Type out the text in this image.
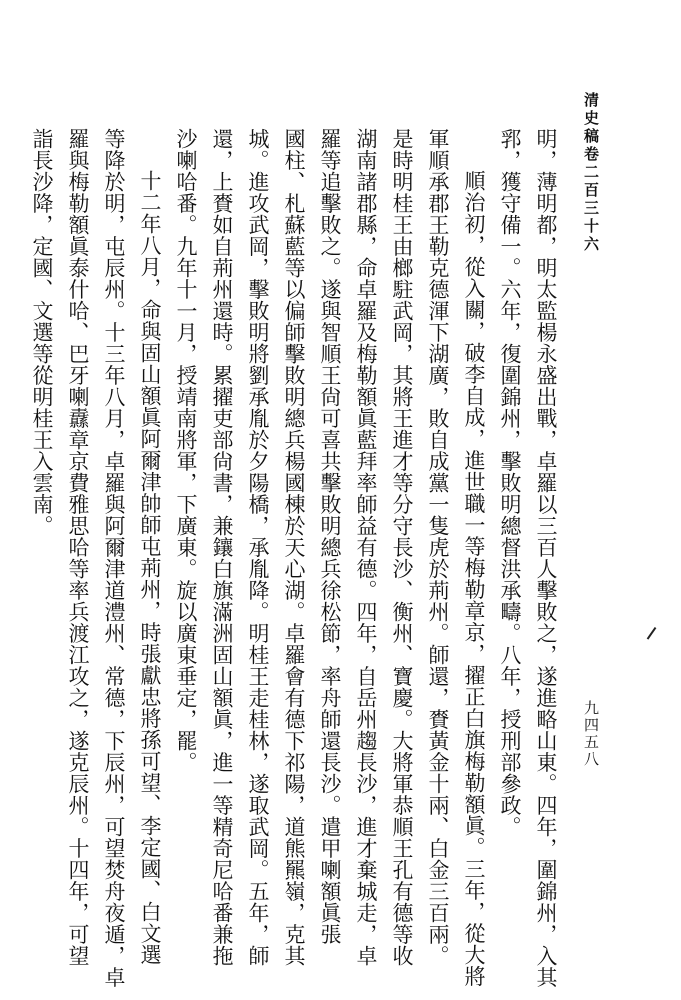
清史稿卷二百三十六
九四五八

明，薄明都，明太監楊永盛出戰，卓羅以三百人擊敗之，遂進略山東。四年，圍錦州，入其

郛，獲守備一。六年，復圍錦州，擊敗明總督洪承疇。八年，授刑部參政。

順治初，從入關，破李自成，進世職一等梅勒章京，擢正白旗梅勒額眞。三年，從大將

軍順承郡王勒克德渾下湖廣，敗自成黨一隻虎於荊州。師還，賚黃金十兩、白金三百兩。

是時明桂王由榔駐武岡，其將王進才等分守長沙、衡州、寶慶。大將軍恭順王孔有德等收

湖南諸郡縣，命卓羅及梅勒額眞藍拜率師益有德。四年，自岳州趨長沙，進才棄城走，卓

羅等追擊敗之。遂與智順王尙可喜共擊敗明總兵徐松節，率舟師還長沙。遣甲喇額眞張

國柱、札蘇藍等以偏師擊敗明總兵楊國棟於天心湖。卓羅會有德下祁陽，道熊羆嶺，克其

城。進攻武岡，擊敗明將劉承胤於夕陽橋，承胤降。明桂王走桂林，遂取武岡。五年，師

還，上賚如自荊州還時。累擢吏部尙書，兼鑲白旗滿洲固山額眞，進一等精奇尼哈番兼拖

沙喇哈番。九年十一月，授靖南將軍，下廣東。旋以廣東垂定，罷。

十二年八月，命與固山額眞阿爾津帥師屯荊州，時張獻忠將孫可望、李定國、白文選

等降於明，屯辰州。十三年八月，卓羅與阿爾津道澧州、常德，下辰州，可望焚舟夜遁，卓

羅與梅勒額眞泰什哈、巴牙喇纛章京費雅思哈等率兵渡江攻之，遂克辰州。十四年，可望

詣長沙降，定國、文選等從明桂王入雲南。
